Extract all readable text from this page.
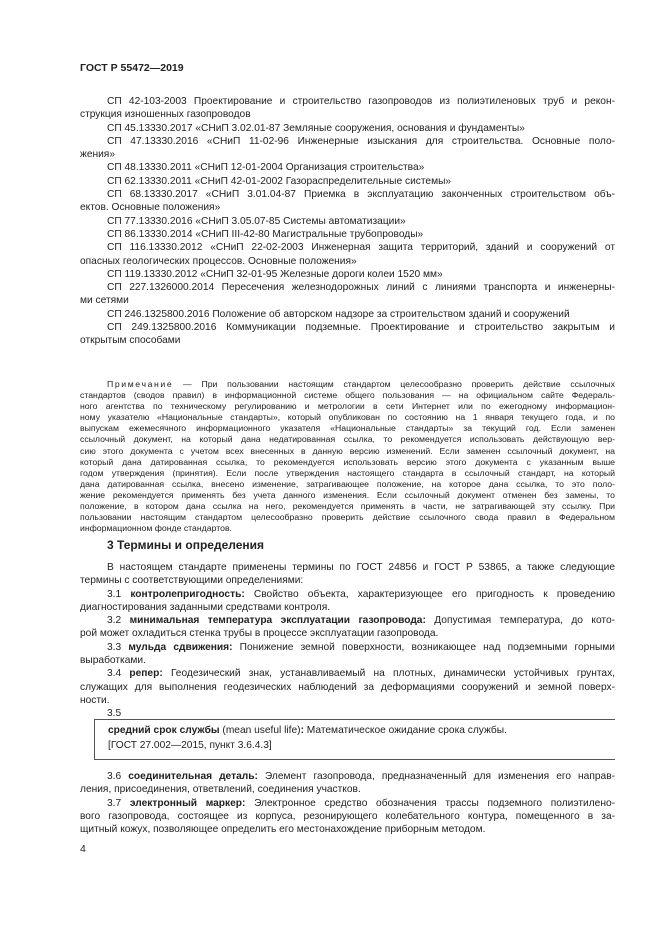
ГОСТ Р 55472—2019
СП 42-103-2003 Проектирование и строительство газопроводов из полиэтиленовых труб и рекон-
струкция изношенных газопроводов
СП 45.13330.2017 «СНиП 3.02.01-87 Земляные сооружения, основания и фундаменты»
СП 47.13330.2016 «СНиП 11-02-96 Инженерные изыскания для строительства. Основные поло-
жения»
СП 48.13330.2011 «СНиП 12-01-2004 Организация строительства»
СП 62.13330.2011 «СНиП 42-01-2002 Газораспределительные системы»
СП 68.13330.2017 «СНиП 3.01.04-87 Приемка в эксплуатацию законченных строительством объ-
ектов. Основные положения»
СП 77.13330.2016 «СНиП 3.05.07-85 Системы автоматизации»
СП 86.13330.2014 «СНиП III-42-80 Магистральные трубопроводы»
СП 116.13330.2012 «СНиП 22-02-2003 Инженерная защита территорий, зданий и сооружений от
опасных геологических процессов. Основные положения»
СП 119.13330.2012 «СНиП 32-01-95 Железные дороги колеи 1520 мм»
СП 227.1326000.2014 Пересечения железнодорожных линий с линиями транспорта и инженерны-
ми сетями
СП 246.1325800.2016 Положение об авторском надзоре за строительством зданий и сооружений
СП 249.1325800.2016 Коммуникации подземные. Проектирование и строительство закрытым и
открытым способами
Примечание — При пользовании настоящим стандартом целесообразно проверить действие ссылочных
стандартов (сводов правил) в информационной системе общего пользования — на официальном сайте Федераль-
ного агентства по техническому регулированию и метрологии в сети Интернет или по ежегодному информацион-
ному указателю «Национальные стандарты», который опубликован по состоянию на 1 января текущего года, и по
выпускам ежемесячного информационного указателя «Национальные стандарты» за текущий год. Если заменен
ссылочный документ, на который дана недатированная ссылка, то рекомендуется использовать действующую вер-
сию этого документа с учетом всех внесенных в данную версию изменений. Если заменен ссылочный документ, на
который дана датированная ссылка, то рекомендуется использовать версию этого документа с указанным выше
годом утверждения (принятия). Если после утверждения настоящего стандарта в ссылочный стандарт, на который
дана датированная ссылка, внесено изменение, затрагивающее положение, на которое дана ссылка, то это поло-
жение рекомендуется применять без учета данного изменения. Если ссылочный документ отменен без замены, то
положение, в котором дана ссылка на него, рекомендуется применять в части, не затрагивающей эту ссылку. При
пользовании настоящим стандартом целесообразно проверить действие ссылочного свода правил в Федеральном
информационном фонде стандартов.
3 Термины и определения
В настоящем стандарте применены термины по ГОСТ 24856 и ГОСТ Р 53865, а также следующие
термины с соответствующими определениями:
3.1 контролепригодность: Свойство объекта, характеризующее его пригодность к проведению
диагностирования заданными средствами контроля.
3.2 минимальная температура эксплуатации газопровода: Допустимая температура, до кото-
рой может охладиться стенка трубы в процессе эксплуатации газопровода.
3.3 мульда сдвижения: Понижение земной поверхности, возникающее над подземными горными
выработками.
3.4 репер: Геодезический знак, устанавливаемый на плотных, динамически устойчивых грунтах,
служащих для выполнения геодезических наблюдений за деформациями сооружений и земной поверх-
ности.
3.5
средний срок службы (mean useful life): Математическое ожидание срока службы.
[ГОСТ 27.002—2015, пункт 3.6.4.3]
3.6 соединительная деталь: Элемент газопровода, предназначенный для изменения его направ-
ления, присоединения, ответвлений, соединения участков.
3.7 электронный маркер: Электронное средство обозначения трассы подземного полиэтилено-
вого газопровода, состоящее из корпуса, резонирующего колебательного контура, помещенного в за-
щитный кожух, позволяющее определить его местонахождение приборным методом.
4
